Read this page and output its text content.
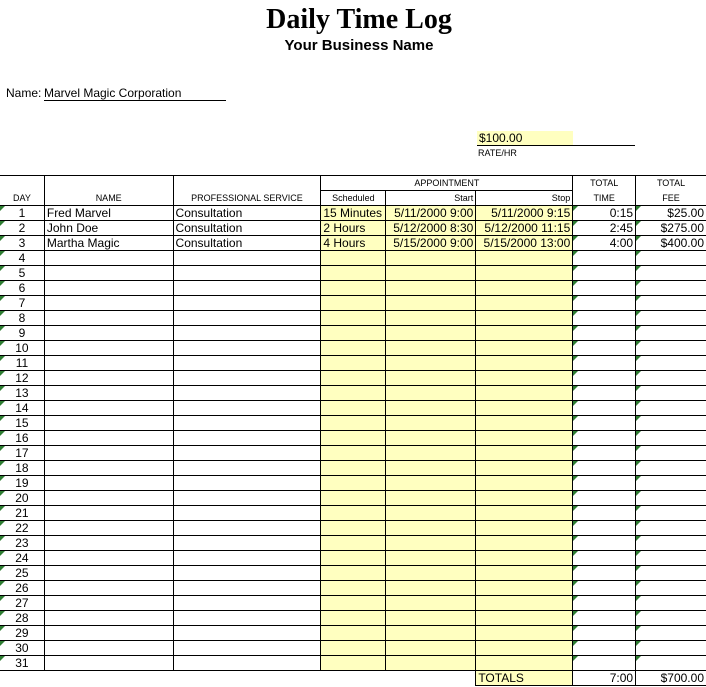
Daily Time Log
Your Business Name
Name: Marvel Magic Corporation
$100.00
RATE/HR
			APPOINTMENT			TOTAL	TOTAL
DAY	NAME	PROFESSIONAL SERVICE	Scheduled	Start	Stop	TIME	FEE

1	Fred Marvel	Consultation	15 Minutes	5/11/2000 9:00	5/11/2000 9:15	0:15	$25.00

2	John Doe	Consultation	2 Hours	5/12/2000 8:30	5/12/2000 11:15	2:45	$275.00

3	Martha Magic	Consultation	4 Hours	5/15/2000 9:00	5/15/2000 13:00	4:00	$400.00

4						

5						

6						

7						

8						

9						

10						

11						

12						

13						

14						

15						

16						

17						

18						

19						

20						

21						

22						

23						

24						

25						

26						

27						

28						

29						

30						

31						

					TOTALS	7:00	$700.00
